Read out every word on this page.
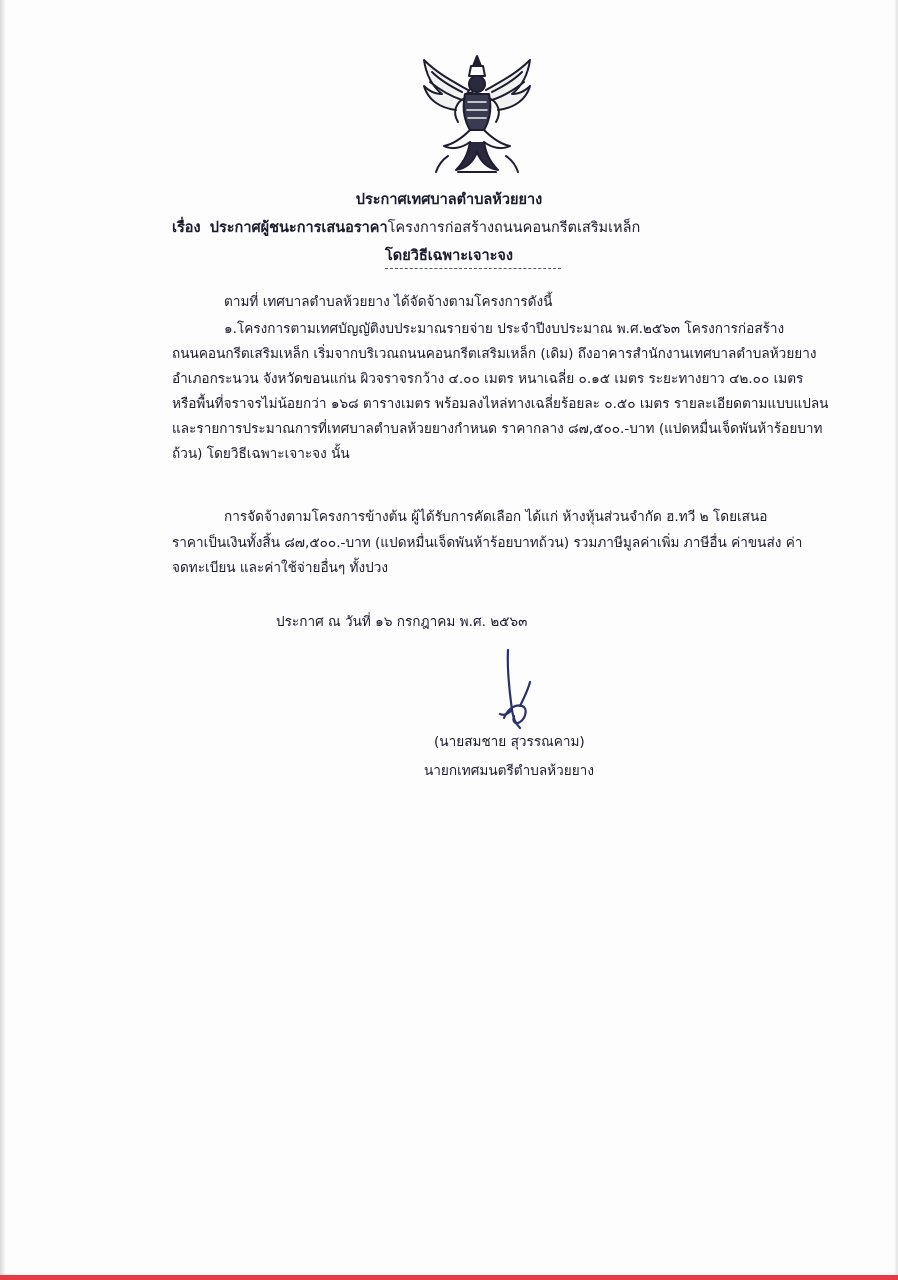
ประกาศเทศบาลตำบลห้วยยาง
เรื่อง ประกาศผู้ชนะการเสนอราคาโครงการก่อสร้างถนนคอนกรีตเสริมเหล็ก
โดยวิธีเฉพาะเจาะจง
ตามที่ เทศบาลตำบลห้วยยาง ได้จัดจ้างตามโครงการดังนี้
๑.โครงการตามเทศบัญญัติงบประมาณรายจ่าย ประจำปีงบประมาณ พ.ศ.๒๕๖๓ โครงการก่อสร้าง
ถนนคอนกรีตเสริมเหล็ก เริ่มจากบริเวณถนนคอนกรีตเสริมเหล็ก (เดิม) ถึงอาคารสำนักงานเทศบาลตำบลห้วยยาง
อำเภอกระนวน จังหวัดขอนแก่น ผิวจราจรกว้าง ๔.๐๐ เมตร หนาเฉลี่ย ๐.๑๕ เมตร ระยะทางยาว ๔๒.๐๐ เมตร
หรือพื้นที่จราจรไม่น้อยกว่า ๑๖๘ ตารางเมตร พร้อมลงไหล่ทางเฉลี่ยร้อยละ ๐.๕๐ เมตร รายละเอียดตามแบบแปลน
และรายการประมาณการที่เทศบาลตำบลห้วยยางกำหนด ราคากลาง ๘๗,๕๐๐.-บาท (แปดหมื่นเจ็ดพันห้าร้อยบาท
ถ้วน) โดยวิธีเฉพาะเจาะจง นั้น
การจัดจ้างตามโครงการข้างต้น ผู้ได้รับการคัดเลือก ได้แก่ ห้างหุ้นส่วนจำกัด ฮ.ทวี ๒ โดยเสนอ
ราคาเป็นเงินทั้งสิ้น ๘๗,๕๐๐.-บาท (แปดหมื่นเจ็ดพันห้าร้อยบาทถ้วน) รวมภาษีมูลค่าเพิ่ม ภาษีอื่น ค่าขนส่ง ค่า
จดทะเบียน และค่าใช้จ่ายอื่นๆ ทั้งปวง
ประกาศ ณ วันที่ ๑๖ กรกฎาคม พ.ศ. ๒๕๖๓
(นายสมชาย สุวรรณคาม)
นายกเทศมนตรีตำบลห้วยยาง
